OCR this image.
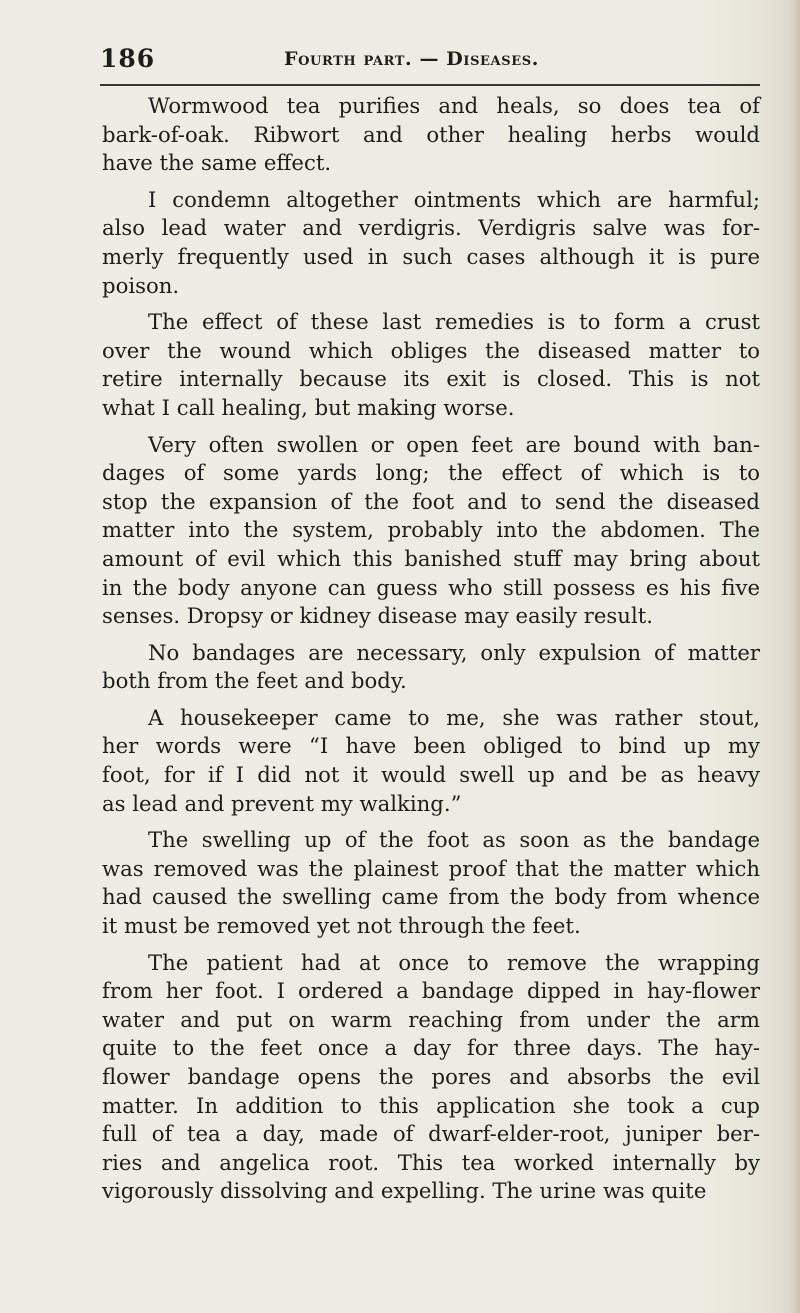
186	Fourth part. — Diseases.

Wormwood tea purifies and heals, so does tea of
bark-of-oak. Ribwort and other healing herbs would
have the same effect.

I condemn altogether ointments which are harmful;
also lead water and verdigris. Verdigris salve was for-
merly frequently used in such cases although it is pure
poison.

The effect of these last remedies is to form a crust
over the wound which obliges the diseased matter to
retire internally because its exit is closed. This is not
what I call healing, but making worse.

Very often swollen or open feet are bound with ban-
dages of some yards long; the effect of which is to
stop the expansion of the foot and to send the diseased
matter into the system, probably into the abdomen. The
amount of evil which this banished stuff may bring about
in the body anyone can guess who still possess es his five
senses. Dropsy or kidney disease may easily result.

No bandages are necessary, only expulsion of matter
both from the feet and body.

A housekeeper came to me, she was rather stout,
her words were “I have been obliged to bind up my
foot, for if I did not it would swell up and be as heavy
as lead and prevent my walking.”

The swelling up of the foot as soon as the bandage
was removed was the plainest proof that the matter which
had caused the swelling came from the body from whence
it must be removed yet not through the feet.

The patient had at once to remove the wrapping
from her foot. I ordered a bandage dipped in hay-flower
water and put on warm reaching from under the arm
quite to the feet once a day for three days. The hay-
flower bandage opens the pores and absorbs the evil
matter. In addition to this application she took a cup
full of tea a day, made of dwarf-elder-root, juniper ber-
ries and angelica root. This tea worked internally by
vigorously dissolving and expelling. The urine was quite
